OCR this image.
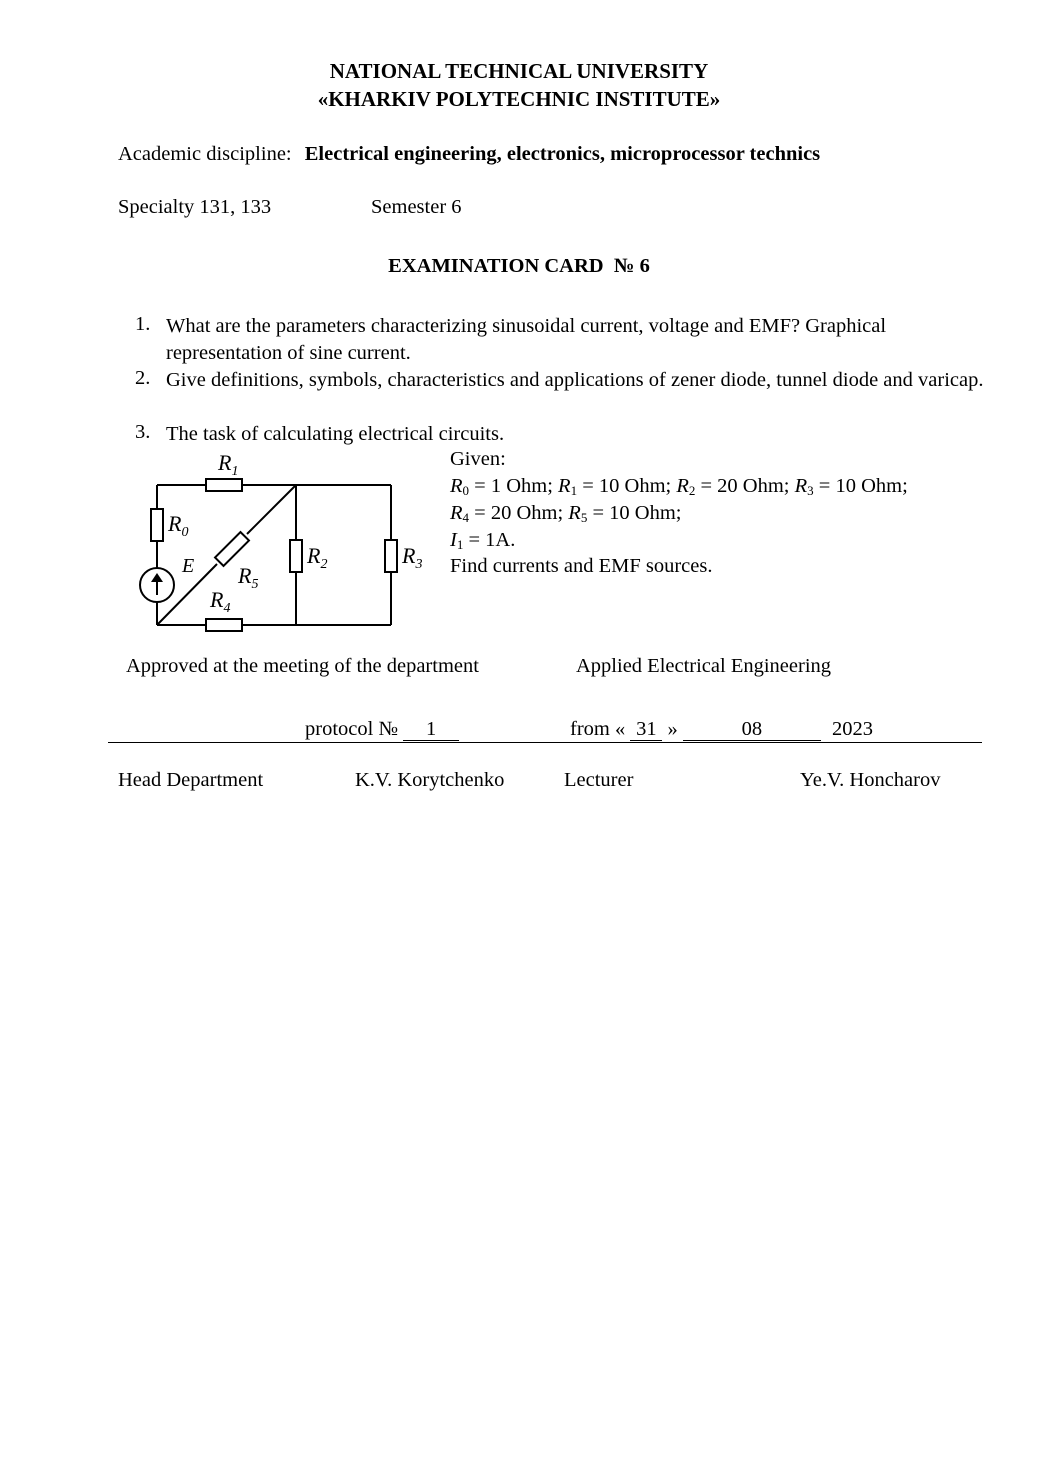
NATIONAL TECHNICAL UNIVERSITY
«KHARKIV POLYTECHNIC INSTITUTE»
Academic discipline: Electrical engineering, electronics, microprocessor technics
Specialty 131, 133	Semester 6
EXAMINATION CARD  № 6
1. What are the parameters characterizing sinusoidal current, voltage and EMF? Graphical representation of sine current.
2. Give definitions, symbols, characteristics and applications of zener diode, tunnel diode and varicap.
3. The task of calculating electrical circuits.
$R_1$
$R_0$
E $R_5$
$R_4$
$R_2$	$R_3$
Given:
$R_0 = 1$ Ohm; $R_1 = 10$ Ohm; $R_2 = 20$ Ohm; $R_3 = 10$ Ohm;
$R_4 = 20$ Ohm; $R_5 = 10$ Ohm;
$I_1 = 1A$.
Find currents and EMF sources.
Approved at the meeting of the department	Applied Electrical Engineering
protocol № 1	from « 31 »	08	2023
Head Department	K.V. Korytchenko	Lecturer	Ye.V. Honcharov
